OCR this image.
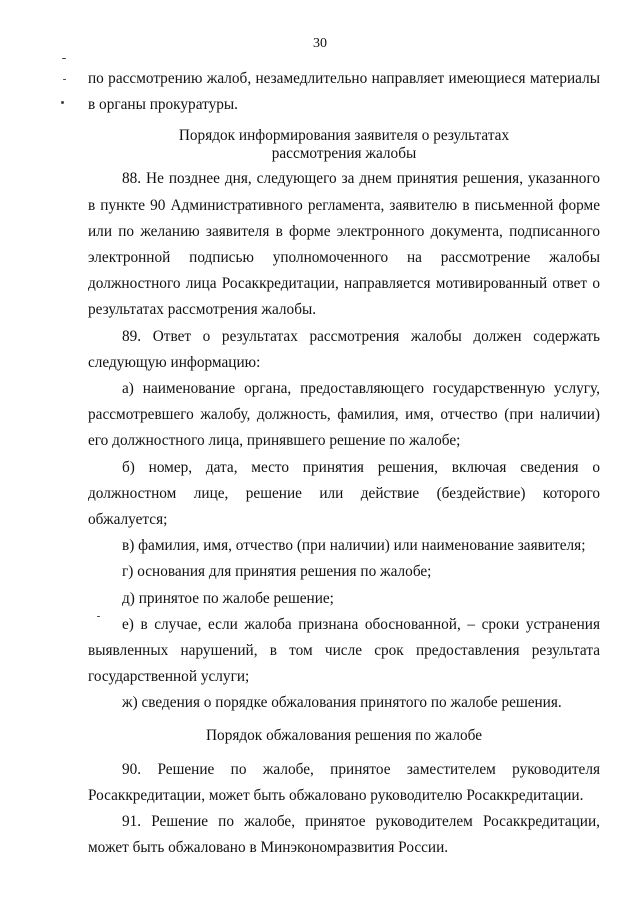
30

по рассмотрению жалоб, незамедлительно направляет имеющиеся материалы в органы прокуратуры.

Порядок информирования заявителя о результатах
рассмотрения жалобы

88. Не позднее дня, следующего за днем принятия решения, указанного в пункте 90 Административного регламента, заявителю в письменной форме или по желанию заявителя в форме электронного документа, подписанного электронной подписью уполномоченного на рассмотрение жалобы должностного лица Росаккредитации, направляется мотивированный ответ о результатах рассмотрения жалобы.

89. Ответ о результатах рассмотрения жалобы должен содержать следующую информацию:

а) наименование органа, предоставляющего государственную услугу, рассмотревшего жалобу, должность, фамилия, имя, отчество (при наличии) его должностного лица, принявшего решение по жалобе;

б) номер, дата, место принятия решения, включая сведения о должностном лице, решение или действие (бездействие) которого обжалуется;

в) фамилия, имя, отчество (при наличии) или наименование заявителя;

г) основания для принятия решения по жалобе;

д) принятое по жалобе решение;

е) в случае, если жалоба признана обоснованной, – сроки устранения выявленных нарушений, в том числе срок предоставления результата государственной услуги;

ж) сведения о порядке обжалования принятого по жалобе решения.

Порядок обжалования решения по жалобе

90. Решение по жалобе, принятое заместителем руководителя Росаккредитации, может быть обжаловано руководителю Росаккредитации.

91. Решение по жалобе, принятое руководителем Росаккредитации, может быть обжаловано в Минэкономразвития России.
